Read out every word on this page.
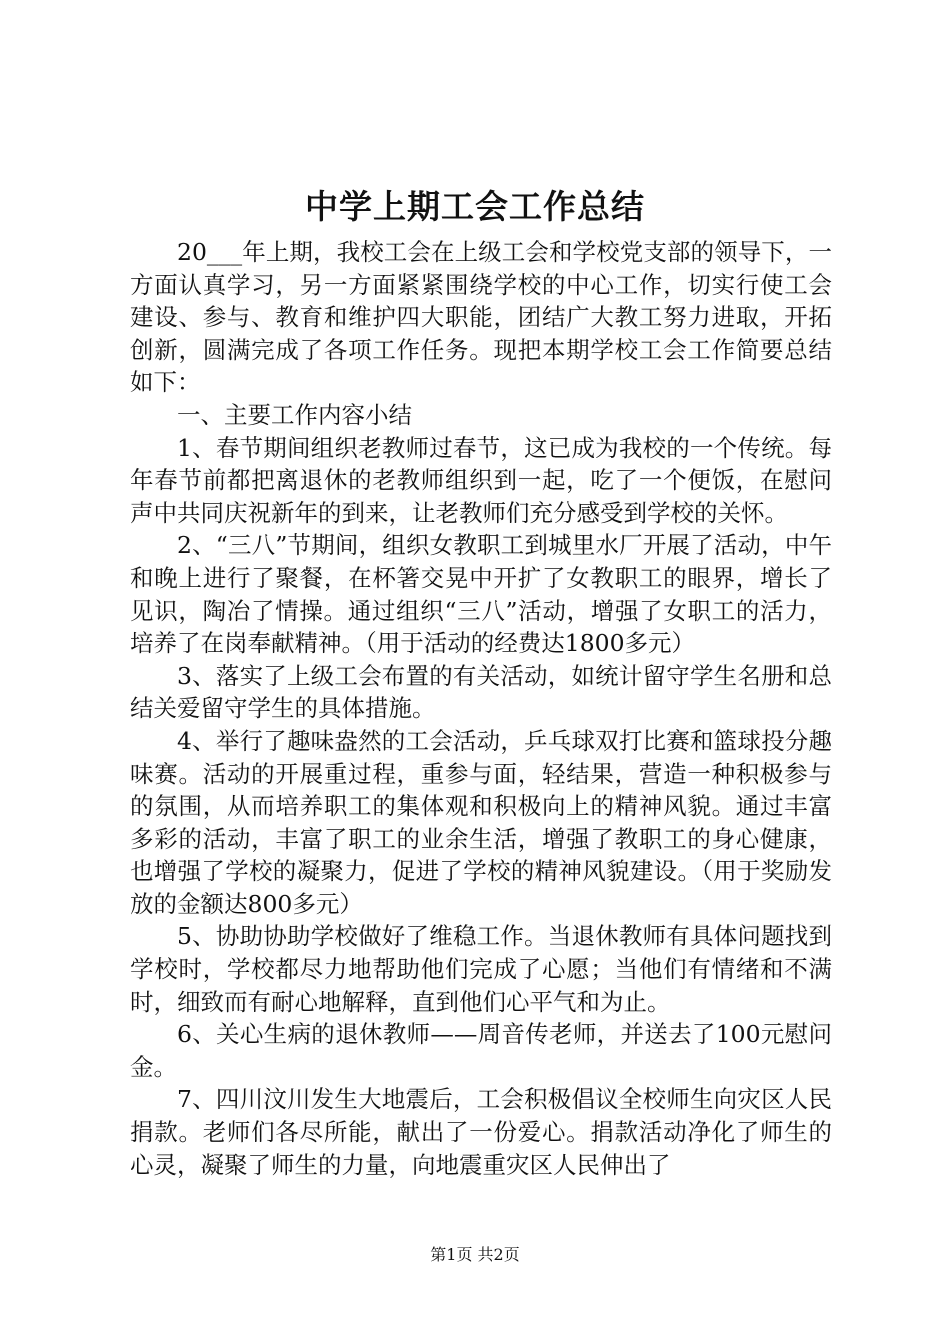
中学上期工会工作总结

20___年上期，我校工会在上级工会和学校党支部的领导下，一方面认真学习，另一方面紧紧围绕学校的中心工作，切实行使工会建设、参与、教育和维护四大职能，团结广大教工努力进取，开拓创新，圆满完成了各项工作任务。现把本期学校工会工作简要总结如下：

一、主要工作内容小结

1、春节期间组织老教师过春节，这已成为我校的一个传统。每年春节前都把离退休的老教师组织到一起，吃了一个便饭，在慰问声中共同庆祝新年的到来，让老教师们充分感受到学校的关怀。

2、“三八”节期间，组织女教职工到城里水厂开展了活动，中午和晚上进行了聚餐，在杯箸交晃中开扩了女教职工的眼界，增长了见识，陶冶了情操。通过组织“三八”活动，增强了女职工的活力，培养了在岗奉献精神。（用于活动的经费达1800多元）

3、落实了上级工会布置的有关活动，如统计留守学生名册和总结关爱留守学生的具体措施。

4、举行了趣味盎然的工会活动，乒乓球双打比赛和篮球投分趣味赛。活动的开展重过程，重参与面，轻结果，营造一种积极参与的氛围，从而培养职工的集体观和积极向上的精神风貌。通过丰富多彩的活动，丰富了职工的业余生活，增强了教职工的身心健康，也增强了学校的凝聚力，促进了学校的精神风貌建设。（用于奖励发放的金额达800多元）

5、协助协助学校做好了维稳工作。当退休教师有具体问题找到学校时，学校都尽力地帮助他们完成了心愿；当他们有情绪和不满时，细致而有耐心地解释，直到他们心平气和为止。

6、关心生病的退休教师——周音传老师，并送去了100元慰问金。

7、四川汶川发生大地震后，工会积极倡议全校师生向灾区人民捐款。老师们各尽所能，献出了一份爱心。捐款活动净化了师生的心灵，凝聚了师生的力量，向地震重灾区人民伸出了

第1页 共2页
